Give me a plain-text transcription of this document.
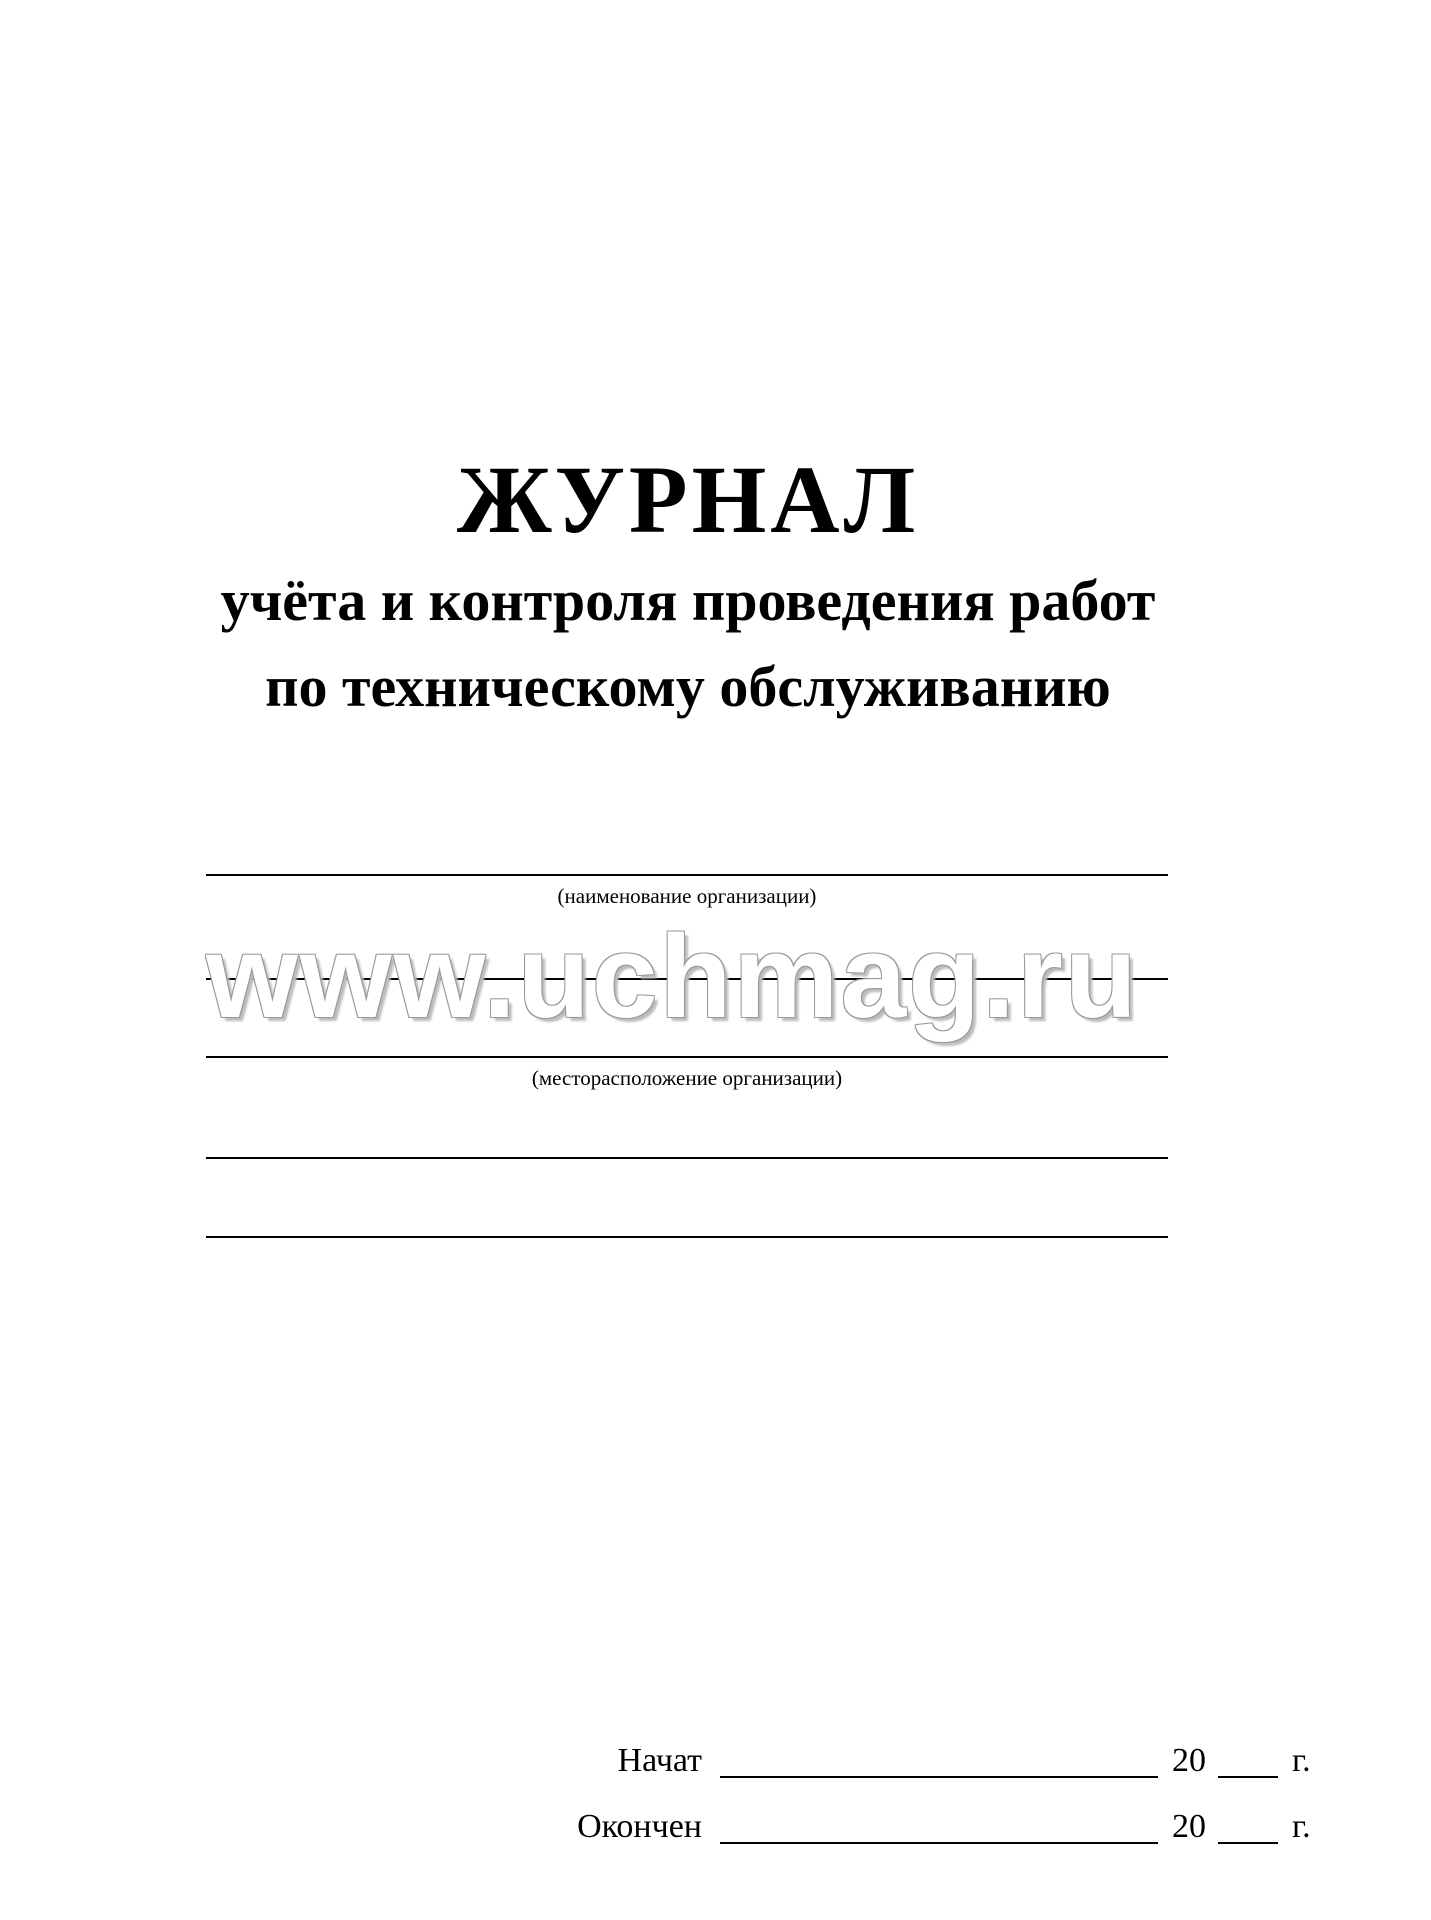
ЖУРНАЛ
учёта и контроля проведения работ
по техническому обслуживанию
(наименование организации)
www.uchmag.ru
(месторасположение организации)
Начат	20	г.
Окончен	20	г.
